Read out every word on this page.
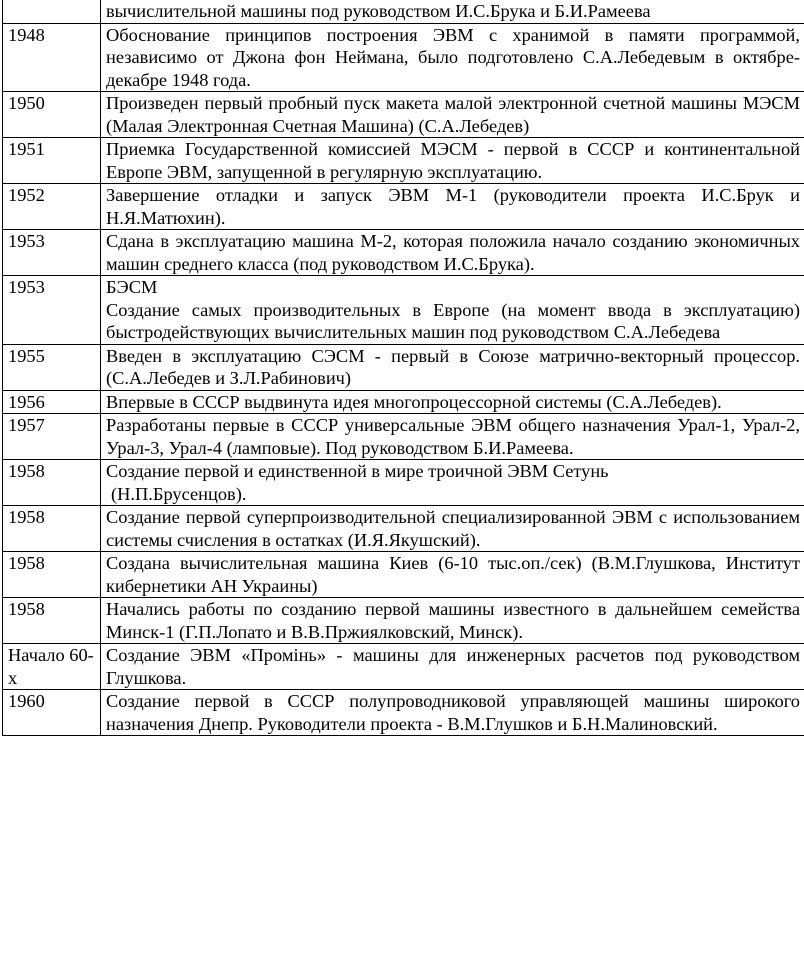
	вычислительной машины под руководством И.С.Брука и Б.И.Рамеева

1948	Обоснование принципов построения ЭВМ с хранимой в памяти программой, независимо от Джона фон Неймана, было подготовлено С.А.Лебедевым в октябре- декабре 1948 года.

1950	Произведен первый пробный пуск макета малой электронной счетной машины МЭСМ (Малая Электронная Счетная Машина) (С.А.Лебедев)

1951	Приемка Государственной комиссией МЭСМ - первой в СССР и континентальной Европе ЭВМ, запущенной в регулярную эксплуатацию.

1952	Завершение отладки и запуск ЭВМ М-1 (руководители проекта И.С.Брук и Н.Я.Матюхин).

1953	Сдана в эксплуатацию машина М-2, которая положила начало созданию экономичных машин среднего класса (под руководством И.С.Брука).

1953	БЭСМ
Создание самых производительных в Европе (на момент ввода в эксплуатацию) быстродействующих вычислительных машин под руководством С.А.Лебедева

1955	Введен в эксплуатацию СЭСМ - первый в Союзе матрично-векторный процессор. (С.А.Лебедев и З.Л.Рабинович)

1956	Впервые в СССР выдвинута идея многопроцессорной системы (С.А.Лебедев).

1957	Разработаны первые в СССР универсальные ЭВМ общего назначения Урал-1, Урал-2, Урал-3, Урал-4 (ламповые). Под руководством Б.И.Рамеева.

1958	Создание первой и единственной в мире троичной ЭВМ Сетунь
(Н.П.Брусенцов).

1958	Создание первой суперпроизводительной специализированной ЭВМ с использованием системы счисления в остатках (И.Я.Якушский).

1958	Создана вычислительная машина Киев (6-10 тыс.оп./сек) (В.М.Глушкова, Институт кибернетики АН Украины)

1958	Начались работы по созданию первой машины известного в дальнейшем семейства Минск-1 (Г.П.Лопато и В.В.Пржиялковский, Минск).

Начало 60-х	Создание ЭВМ «Промінь» - машины для инженерных расчетов под руководством Глушкова.

1960	Создание первой в СССР полупроводниковой управляющей машины широкого назначения Днепр. Руководители проекта - В.М.Глушков и Б.Н.Малиновский.
